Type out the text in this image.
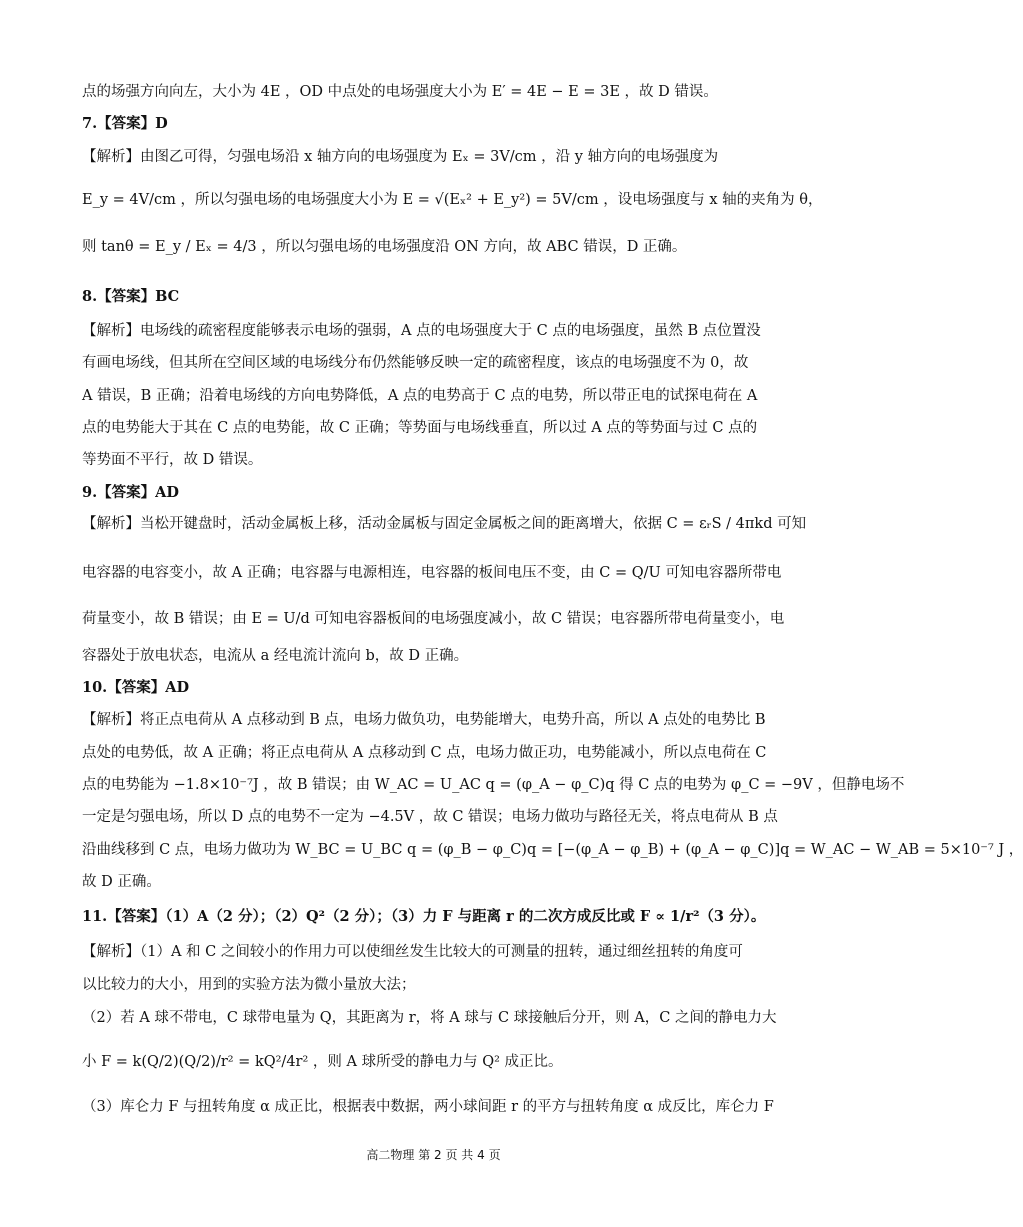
点的场强方向向左，大小为 4E ，OD 中点处的电场强度大小为 E′ = 4E − E = 3E ，故 D 错误。
7.【答案】D
【解析】由图乙可得，匀强电场沿 x 轴方向的电场强度为 Eₓ = 3V/cm ，沿 y 轴方向的电场强度为
E_y = 4V/cm ，所以匀强电场的电场强度大小为 E = √(Eₓ² + E_y²) = 5V/cm ，设电场强度与 x 轴的夹角为 θ，
则 tanθ = E_y / Eₓ = 4/3 ，所以匀强电场的电场强度沿 ON 方向，故 ABC 错误，D 正确。
8.【答案】BC
【解析】电场线的疏密程度能够表示电场的强弱，A 点的电场强度大于 C 点的电场强度，虽然 B 点位置没
有画电场线，但其所在空间区域的电场线分布仍然能够反映一定的疏密程度，该点的电场强度不为 0，故
A 错误，B 正确；沿着电场线的方向电势降低，A 点的电势高于 C 点的电势，所以带正电的试探电荷在 A
点的电势能大于其在 C 点的电势能，故 C 正确；等势面与电场线垂直，所以过 A 点的等势面与过 C 点的
等势面不平行，故 D 错误。
9.【答案】AD
【解析】当松开键盘时，活动金属板上移，活动金属板与固定金属板之间的距离增大，依据 C = εᵣS / 4πkd 可知
电容器的电容变小，故 A 正确；电容器与电源相连，电容器的板间电压不变，由 C = Q/U 可知电容器所带电
荷量变小，故 B 错误；由 E = U/d 可知电容器板间的电场强度减小，故 C 错误；电容器所带电荷量变小，电
容器处于放电状态，电流从 a 经电流计流向 b，故 D 正确。
10.【答案】AD
【解析】将正点电荷从 A 点移动到 B 点，电场力做负功，电势能增大，电势升高，所以 A 点处的电势比 B
点处的电势低，故 A 正确；将正点电荷从 A 点移动到 C 点，电场力做正功，电势能减小，所以点电荷在 C
点的电势能为 −1.8×10⁻⁷J ，故 B 错误；由 W_AC = U_AC q = (φ_A − φ_C)q 得 C 点的电势为 φ_C = −9V ，但静电场不
一定是匀强电场，所以 D 点的电势不一定为 −4.5V ，故 C 错误；电场力做功与路径无关，将点电荷从 B 点
沿曲线移到 C 点，电场力做功为 W_BC = U_BC q = (φ_B − φ_C)q = [−(φ_A − φ_B) + (φ_A − φ_C)]q = W_AC − W_AB = 5×10⁻⁷ J ，
故 D 正确。
11.【答案】（1）A（2 分）；（2）Q²（2 分）；（3）力 F 与距离 r 的二次方成反比或 F ∝ 1/r²（3 分）。
【解析】（1）A 和 C 之间较小的作用力可以使细丝发生比较大的可测量的扭转，通过细丝扭转的角度可
以比较力的大小，用到的实验方法为微小量放大法；
（2）若 A 球不带电，C 球带电量为 Q，其距离为 r，将 A 球与 C 球接触后分开，则 A，C 之间的静电力大
小 F = k(Q/2)(Q/2)/r² = kQ²/4r² ，则 A 球所受的静电力与 Q² 成正比。
（3）库仑力 F 与扭转角度 α 成正比，根据表中数据，两小球间距 r 的平方与扭转角度 α 成反比，库仑力 F
高二物理 第 2 页 共 4 页
